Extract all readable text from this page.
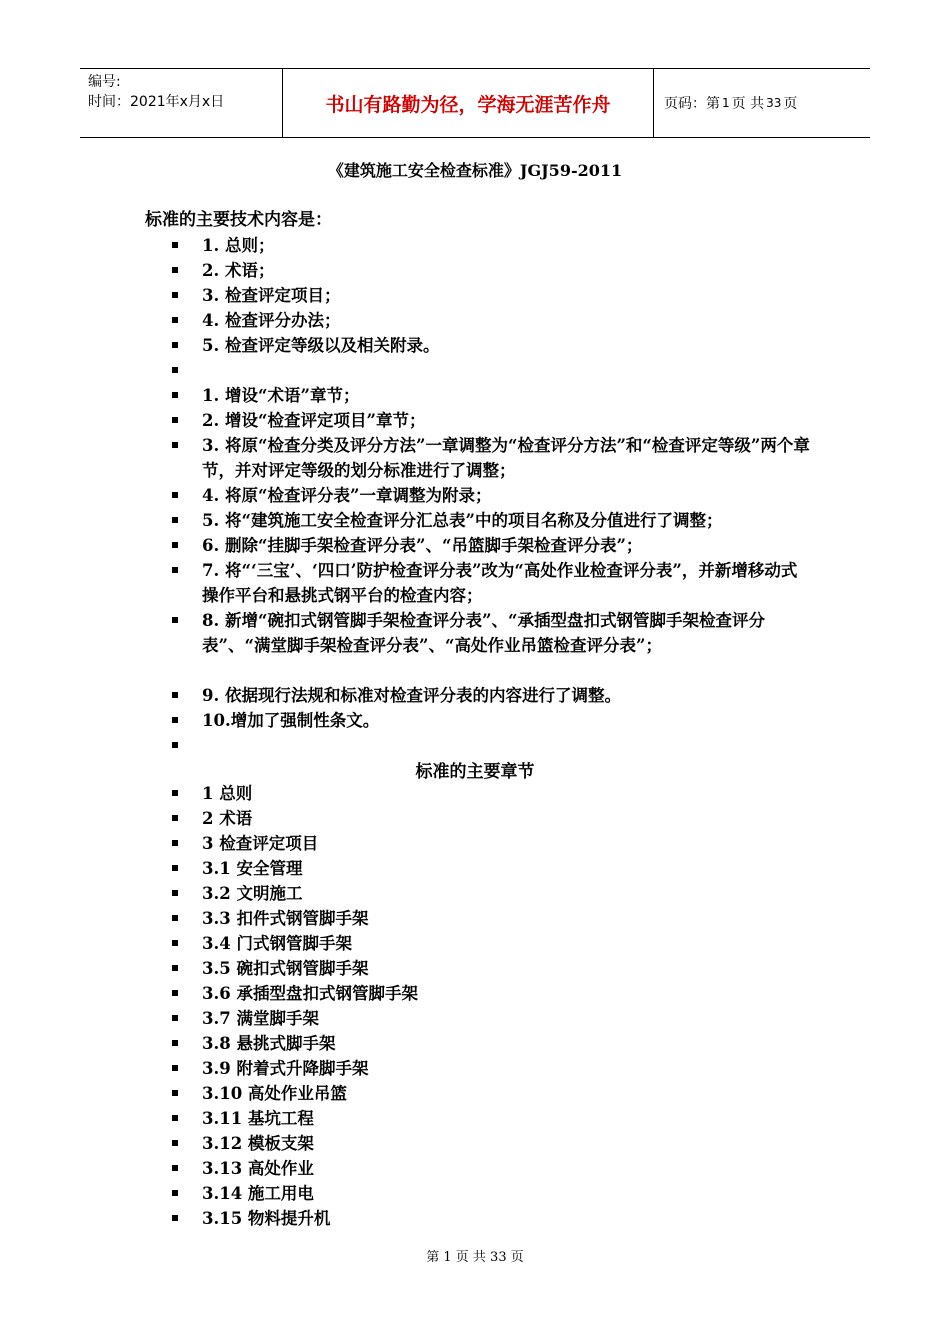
编号:
时间：2021年x月x日	书山有路勤为径，学海无涯苦作舟	页码：第 1 页 共 33 页
《建筑施工安全检查标准》JGJ59-2011
标准的主要技术内容是：
1. 总则；
2. 术语；
3. 检查评定项目；
4. 检查评分办法；
5. 检查评定等级以及相关附录。
1. 增设“术语”章节；
2. 增设“检查评定项目”章节；
3. 将原“检查分类及评分方法”一章调整为“检查评分方法”和“检查评定等级”两个章节，并对评定等级的划分标准进行了调整；
4. 将原“检查评分表”一章调整为附录；
5. 将“建筑施工安全检查评分汇总表”中的项目名称及分值进行了调整；
6. 删除“挂脚手架检查评分表”、“吊篮脚手架检查评分表”；
7. 将“‘三宝’、‘四口’防护检查评分表”改为“高处作业检查评分表”，并新增移动式操作平台和悬挑式钢平台的检查内容；
8. 新增“碗扣式钢管脚手架检查评分表”、“承插型盘扣式钢管脚手架检查评分表”、“满堂脚手架检查评分表”、“高处作业吊篮检查评分表”；
9. 依据现行法规和标准对检查评分表的内容进行了调整。
10.增加了强制性条文。
标准的主要章节
1 总则
2 术语
3 检查评定项目
3.1 安全管理
3.2 文明施工
3.3 扣件式钢管脚手架
3.4 门式钢管脚手架
3.5 碗扣式钢管脚手架
3.6 承插型盘扣式钢管脚手架
3.7 满堂脚手架
3.8 悬挑式脚手架
3.9 附着式升降脚手架
3.10 高处作业吊篮
3.11 基坑工程
3.12 模板支架
3.13 高处作业
3.14 施工用电
3.15 物料提升机
第 1 页 共 33 页
